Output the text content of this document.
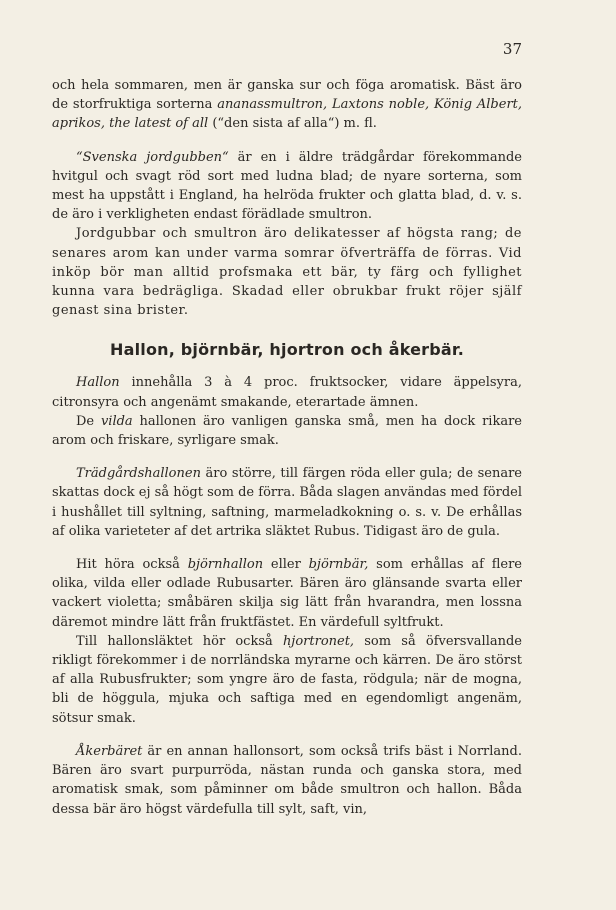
37

och hela sommaren, men är ganska sur och föga aromatisk. Bäst äro de storfruktiga sorterna ananassmultron, Laxtons noble, König Albert, aprikos, the latest of all (“den sista af alla“) m. fl.

“Svenska jordgubben“ är en i äldre trädgårdar förekommande hvitgul och svagt röd sort med ludna blad; de nyare sorterna, som mest ha uppstått i England, ha helröda frukter och glatta blad, d. v. s. de äro i verkligheten endast förädlade smultron.

Jordgubbar och smultron äro delikatesser af högsta rang; de senares arom kan under varma somrar öfverträffa de förras. Vid inköp bör man alltid profsmaka ett bär, ty färg och fyllighet kunna vara bedrägliga. Skadad eller obrukbar frukt röjer själf genast sina brister.

Hallon, björnbär, hjortron och åkerbär.

Hallon innehålla 3 à 4 proc. fruktsocker, vidare äppelsyra, citronsyra och angenämt smakande, eterartade ämnen.

De vilda hallonen äro vanligen ganska små, men ha dock rikare arom och friskare, syrligare smak.

Trädgårdshallonen äro större, till färgen röda eller gula; de senare skattas dock ej så högt som de förra. Båda slagen användas med fördel i hushållet till syltning, saftning, marmeladkokning o. s. v. De erhållas af olika varieteter af det artrika släktet Rubus. Tidigast äro de gula.

Hit höra också björnhallon eller björnbär, som erhållas af flere olika, vilda eller odlade Rubusarter. Bären äro glänsande svarta eller vackert violetta; småbären skilja sig lätt från hvarandra, men lossna däremot mindre lätt från fruktfästet. En värdefull syltfrukt.

Till hallonsläktet hör också hjortronet, som så öfversvallande rikligt förekommer i de norrländska myrarne och kärren. De äro störst af alla Rubusfrukter; som yngre äro de fasta, rödgula; när de mogna, bli de höggula, mjuka och saftiga med en egendomligt angenäm, sötsur smak.

Åkerbäret är en annan hallonsort, som också trifs bäst i Norrland. Bären äro svart purpurröda, nästan runda och ganska stora, med aromatisk smak, som påminner om både smultron och hallon. Båda dessa bär äro högst värdefulla till sylt, saft, vin,
